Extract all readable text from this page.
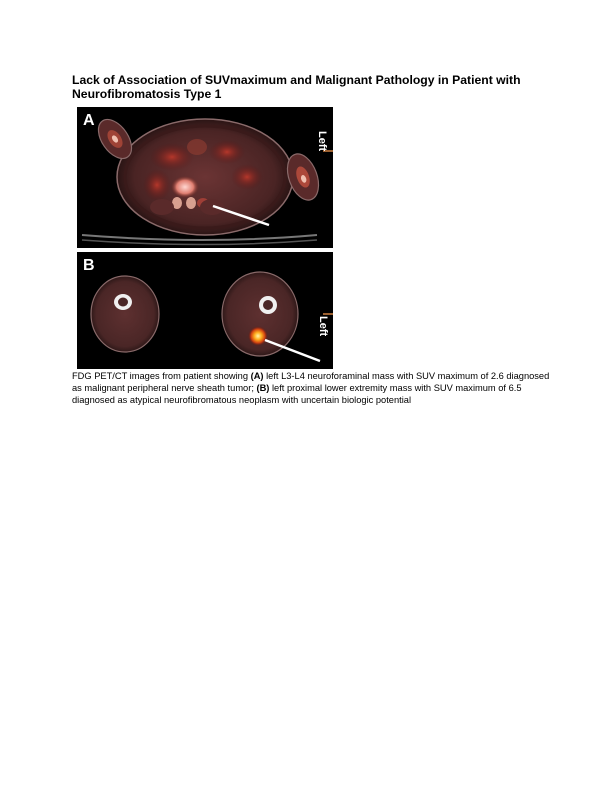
Lack of Association of SUVmaximum and Malignant Pathology in Patient with Neurofibromatosis Type 1
A
Left
B
Left
FDG PET/CT images from patient showing (A) left L3-L4 neuroforaminal mass with SUV maximum of 2.6 diagnosed as malignant peripheral nerve sheath tumor; (B) left proximal lower extremity mass with SUV maximum of 6.5 diagnosed as atypical neurofibromatous neoplasm with uncertain biologic potential
